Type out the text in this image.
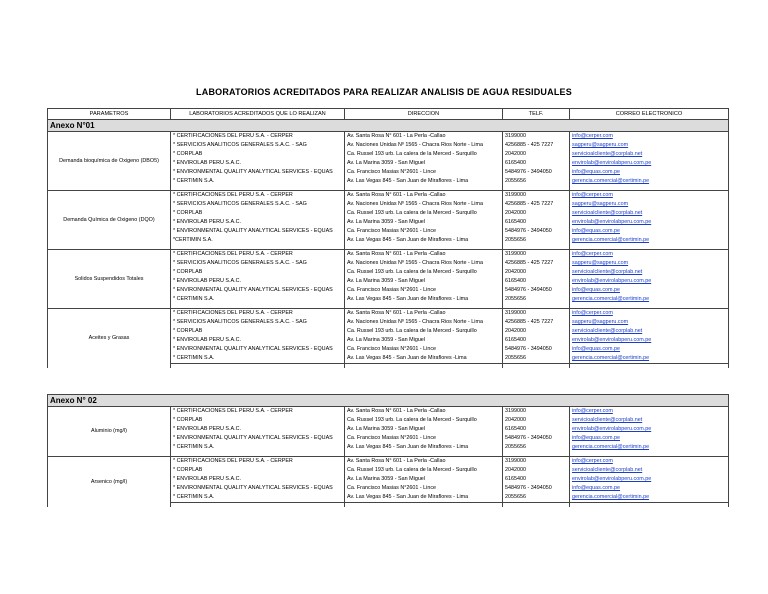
LABORATORIOS ACREDITADOS PARA REALIZAR ANALISIS DE AGUA RESIDUALES
PARAMETROS	LABORATORIOS ACREDITADOS QUE LO REALIZAN	DIRECCION	TELF.	CORREO ELECTRONICO
Anexo N°01				
Demanda bioquímica de Oxigeno (DBO5)	* CERTIFICACIONES DEL PERU S.A. - CERPER	Av. Santa Rosa N° 601 - La Perla -Callao	3199000	info@cerper.com
	* SERVICIOS ANALITICOS GENERALES S.A.C. - SAG	Av. Naciones Unidas Nº 1565 - Chacra Rios Norte - Lima	4256885 - 425 7227	sagperu@sagperu.com
	* CORPLAB	Ca. Russel 193 urb. La calera de la Merced - Surquillo	2042000	servicioalcliente@corplab.net
	* ENVIROLAB PERU S.A.C.	Av. La Marina 3059 - San Miguel	6165400	envirolab@envirolabperu.com.pe
	* ENVIRONMENTAL QUALITY ANALYTICAL SERVICES - EQUAS	Ca. Francisco Masias N°2601 - Lince	5484976 - 3494050	info@equas.com.pe
	* CERTIMIN S.A.	Av. Las Vegas 845 - San Juan de Miraflores - Lima	2055656	gerencia.comercial@certimin.pe

Demanda Química de Oxigeno (DQO)	* CERTIFICACIONES DEL PERU S.A. - CERPER	Av. Santa Rosa N° 601 - La Perla -Callao	3199000	info@cerper.com
	* SERVICIOS ANALITICOS GENERALES S.A.C. - SAG	Av. Naciones Unidas Nº 1565 - Chacra Rios Norte - Lima	4256885 - 425 7227	sagperu@sagperu.com
	* CORPLAB	Ca. Russel 193 urb. La calera de la Merced - Surquillo	2042000	servicioalcliente@corplab.net
	* ENVIROLAB PERU S.A.C.	Av. La Marina 3059 - San Miguel	6165400	envirolab@envirolabperu.com.pe
	* ENVIRONMENTAL QUALITY ANALYTICAL SERVICES - EQUAS	Ca. Francisco Masias N°2601 - Lince	5484976 - 3494050	info@equas.com.pe
	*CERTIMIN S.A.	Av. Las Vegas 845 - San Juan de Miraflores - Lima	2055656	gerencia.comercial@certimin.pe

Solidos Suspendidos Totales	* CERTIFICACIONES DEL PERU S.A. - CERPER	Av. Santa Rosa N° 601 - La Perla -Callao	3199000	info@cerper.com
	* SERVICIOS ANALITICOS GENERALES S.A.C. - SAG	Av. Naciones Unidas Nº 1565 - Chacra Rios Norte - Lima	4256885 - 425 7227	sagperu@sagperu.com
	* CORPLAB	Ca. Russel 193 urb. La calera de la Merced - Surquillo	2042000	servicioalcliente@corplab.net
	* ENVIROLAB PERU S.A.C.	Av. La Marina 3059 - San Miguel	6165400	envirolab@envirolabperu.com.pe
	* ENVIRONMENTAL QUALITY ANALYTICAL SERVICES - EQUAS	Ca. Francisco Masias N°2601 - Lince	5484976 - 3494050	info@equas.com.pe
	* CERTIMIN S.A.	Av. Las Vegas 845 - San Juan de Miraflores - Lima	2055656	gerencia.comercial@certimin.pe

Aceites y Grasas	* CERTIFICACIONES DEL PERU S.A. - CERPER	Av. Santa Rosa N° 601 - La Perla -Callao	3199000	info@cerper.com
	* SERVICIOS ANALITICOS GENERALES S.A.C. - SAG	Av. Naciones Unidas Nº 1565 - Chacra Rios Norte - Lima	4256885 - 425 7227	sagperu@sagperu.com
	* CORPLAB	Ca. Russel 193 urb. La calera de la Merced - Surquillo	2042000	servicioalcliente@corplab.net
	* ENVIROLAB PERU S.A.C.	Av. La Marina 3059 - San Miguel	6165400	envirolab@envirolabperu.com.pe
	* ENVIRONMENTAL QUALITY ANALYTICAL SERVICES - EQUAS	Ca. Francisco Masias N°2601 - Lince	5484976 - 3494050	info@equas.com.pe
	* CERTIMIN S.A.	Av. Las Vegas 845 - San Juan de Miraflores -Lima	2055656	gerencia.comercial@certimin.pe

Anexo N° 02				
Aluminio (mg/l)	* CERTIFICACIONES DEL PERU S.A. - CERPER	Av. Santa Rosa N° 601 - La Perla -Callao	3199000	info@cerper.com
	* CORPLAB	Ca. Russel 193 urb. La calera de la Merced - Surquillo	2042000	servicioalcliente@corplab.net
	* ENVIROLAB PERU S.A.C.	Av. La Marina 3059 - San Miguel	6165400	envirolab@envirolabperu.com.pe
	* ENVIRONMENTAL QUALITY ANALYTICAL SERVICES - EQUAS	Ca. Francisco Masias N°2601 - Lince	5484976 - 3494050	info@equas.com.pe
	* CERTIMIN S.A.	Av. Las Vegas 845 - San Juan de Miraflores - Lima	2055656	gerencia.comercial@certimin.pe

Arsenico (mg/l)	* CERTIFICACIONES DEL PERU S.A. - CERPER	Av. Santa Rosa N° 601 - La Perla -Callao	3199000	info@cerper.com
	* CORPLAB	Ca. Russel 193 urb. La calera de la Merced - Surquillo	2042000	servicioalcliente@corplab.net
	* ENVIROLAB PERU S.A.C.	Av. La Marina 3059 - San Miguel	6165400	envirolab@envirolabperu.com.pe
	* ENVIRONMENTAL QUALITY ANALYTICAL SERVICES - EQUAS	Ca. Francisco Masias N°2601 - Lince	5484976 - 3494050	info@equas.com.pe
	* CERTIMIN S.A.	Av. Las Vegas 845 - San Juan de Miraflores - Lima	2055656	gerencia.comercial@certimin.pe
